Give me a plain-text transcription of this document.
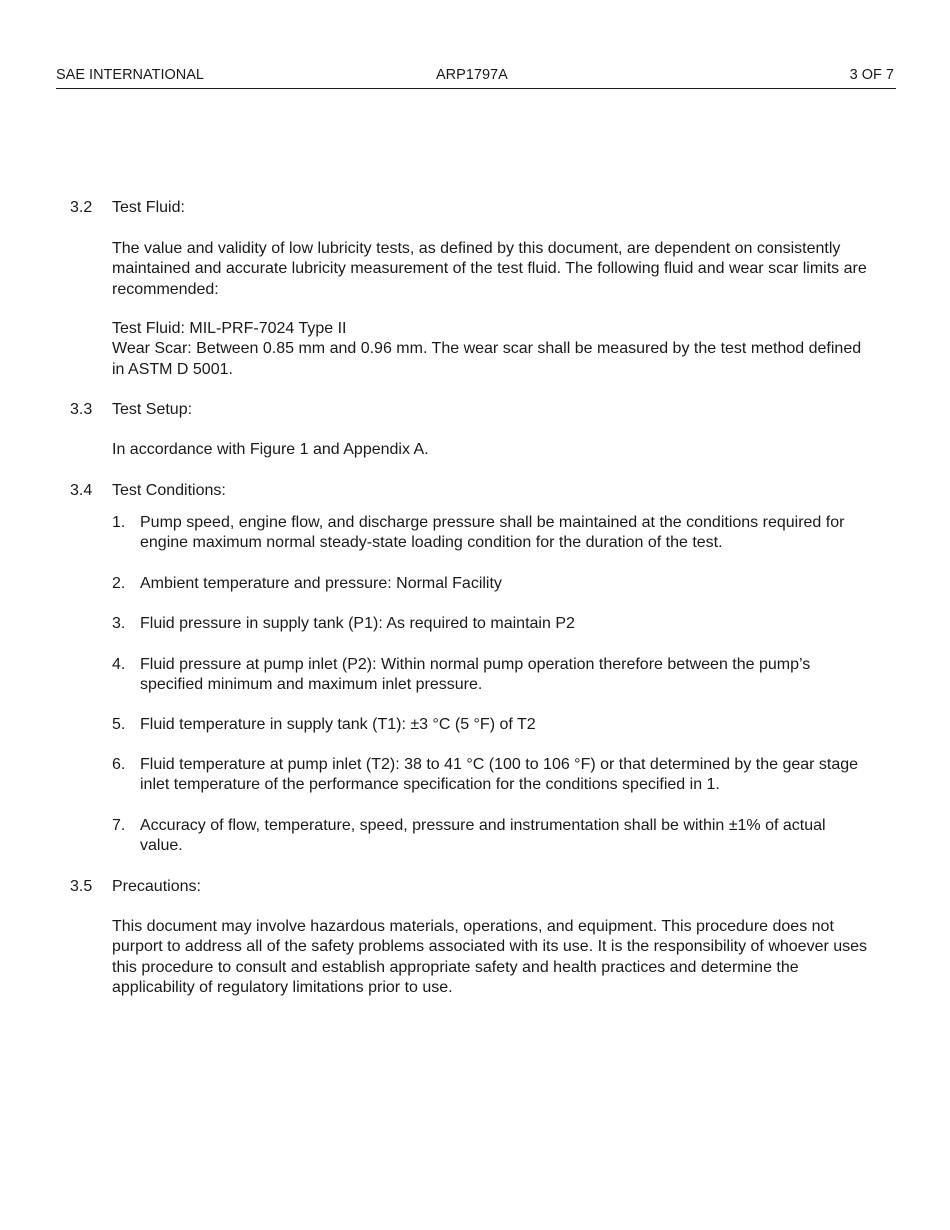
SAE INTERNATIONAL	ARP1797A	3 OF 7
3.2 Test Fluid:

The value and validity of low lubricity tests, as defined by this document, are dependent on consistently maintained and accurate lubricity measurement of the test fluid. The following fluid and wear scar limits are recommended:

Test Fluid: MIL-PRF-7024 Type II

Wear Scar: Between 0.85 mm and 0.96 mm. The wear scar shall be measured by the test method defined in ASTM D 5001.

3.3 Test Setup:

In accordance with Figure 1 and Appendix A.

3.4 Test Conditions:
1. Pump speed, engine flow, and discharge pressure shall be maintained at the conditions required for engine maximum normal steady-state loading condition for the duration of the test.
2. Ambient temperature and pressure: Normal Facility
3. Fluid pressure in supply tank (P1): As required to maintain P2
4. Fluid pressure at pump inlet (P2): Within normal pump operation therefore between the pump’s specified minimum and maximum inlet pressure.
5. Fluid temperature in supply tank (T1): ±3 °C (5 °F) of T2
6. Fluid temperature at pump inlet (T2): 38 to 41 °C (100 to 106 °F) or that determined by the gear stage inlet temperature of the performance specification for the conditions specified in 1.
7. Accuracy of flow, temperature, speed, pressure and instrumentation shall be within ±1% of actual value.
3.5 Precautions:

This document may involve hazardous materials, operations, and equipment. This procedure does not purport to address all of the safety problems associated with its use. It is the responsibility of whoever uses this procedure to consult and establish appropriate safety and health practices and determine the applicability of regulatory limitations prior to use.
